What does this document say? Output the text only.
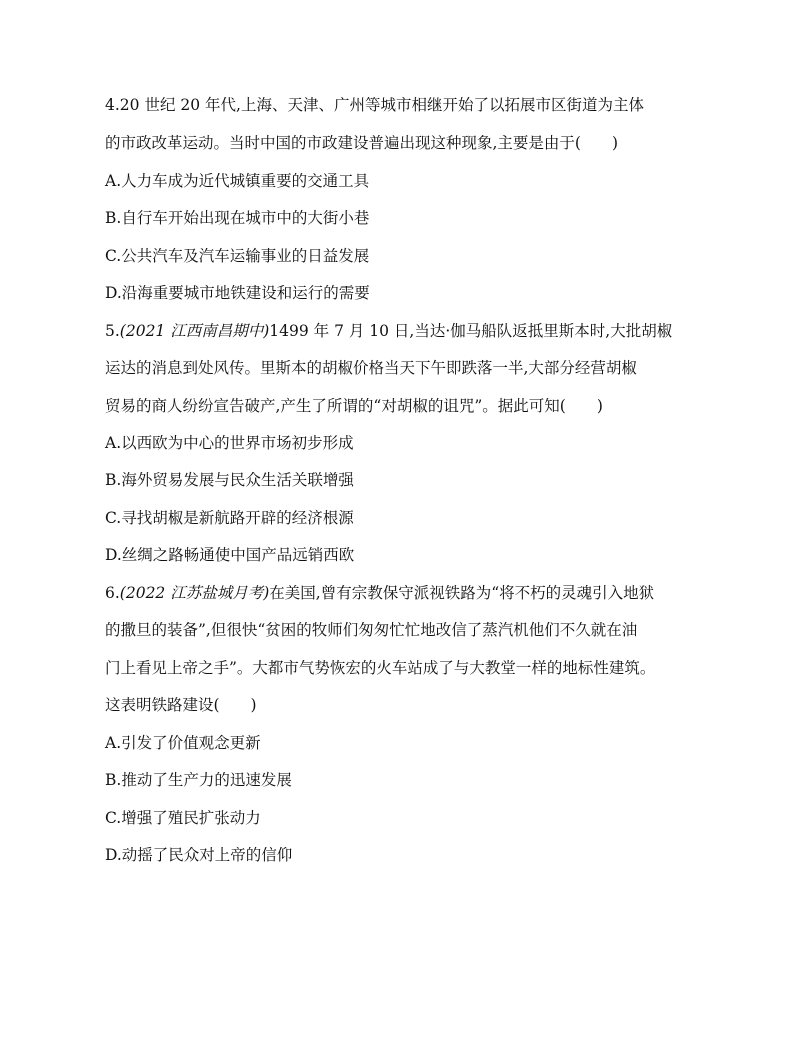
4.20 世纪 20 年代,上海、天津、广州等城市相继开始了以拓展市区街道为主体
的市政改革运动。当时中国的市政建设普遍出现这种现象,主要是由于(　　)
A.人力车成为近代城镇重要的交通工具
B.自行车开始出现在城市中的大街小巷
C.公共汽车及汽车运输事业的日益发展
D.沿海重要城市地铁建设和运行的需要
5.(2021 江西南昌期中)1499 年 7 月 10 日,当达·伽马船队返抵里斯本时,大批胡椒
运达的消息到处风传。里斯本的胡椒价格当天下午即跌落一半,大部分经营胡椒
贸易的商人纷纷宣告破产,产生了所谓的“对胡椒的诅咒”。据此可知(　　)
A.以西欧为中心的世界市场初步形成
B.海外贸易发展与民众生活关联增强
C.寻找胡椒是新航路开辟的经济根源
D.丝绸之路畅通使中国产品远销西欧
6.(2022 江苏盐城月考)在美国,曾有宗教保守派视铁路为“将不朽的灵魂引入地狱
的撒旦的装备”,但很快“贫困的牧师们匆匆忙忙地改信了蒸汽机他们不久就在油
门上看见上帝之手”。大都市气势恢宏的火车站成了与大教堂一样的地标性建筑。
这表明铁路建设(　　)
A.引发了价值观念更新
B.推动了生产力的迅速发展
C.增强了殖民扩张动力
D.动摇了民众对上帝的信仰
